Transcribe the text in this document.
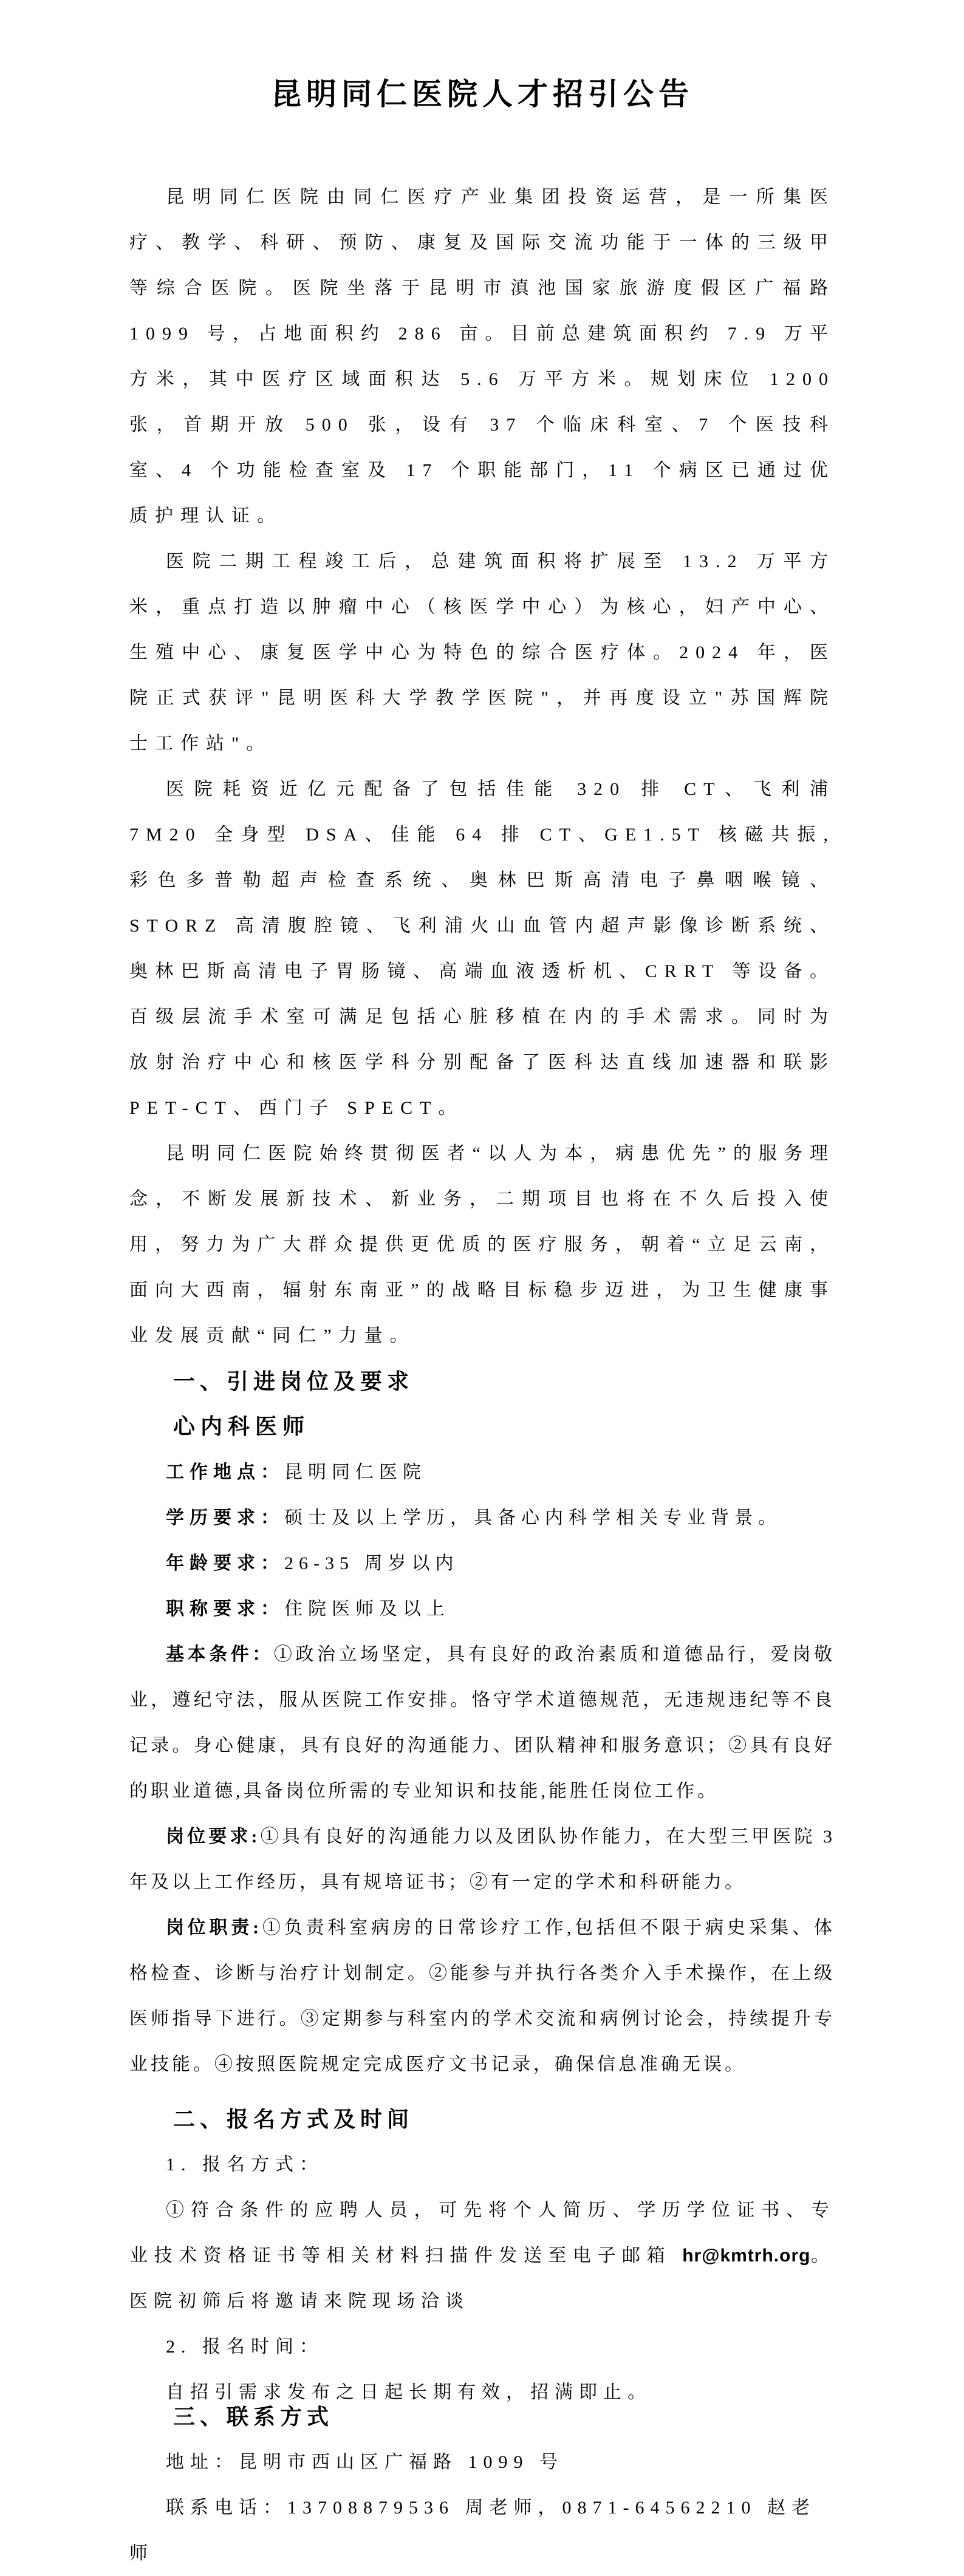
昆明同仁医院人才招引公告

昆明同仁医院由同仁医疗产业集团投资运营，是一所集医疗、教学、科研、预防、康复及国际交流功能于一体的三级甲等综合医院。医院坐落于昆明市滇池国家旅游度假区广福路 1099 号，占地面积约 286 亩。目前总建筑面积约 7.9 万平方米，其中医疗区域面积达 5.6 万平方米。规划床位 1200 张，首期开放 500 张，设有 37 个临床科室、7 个医技科室、4 个功能检查室及 17 个职能部门，11 个病区已通过优质护理认证。

医院二期工程竣工后，总建筑面积将扩展至 13.2 万平方米，重点打造以肿瘤中心（核医学中心）为核心，妇产中心、生殖中心、康复医学中心为特色的综合医疗体。2024 年，医院正式获评"昆明医科大学教学医院"，并再度设立"苏国辉院士工作站"。

医院耗资近亿元配备了包括佳能 320 排 CT、飞利浦 7M20 全身型 DSA、佳能 64 排 CT、GE1.5T 核磁共振,彩色多普勒超声检查系统、奥林巴斯高清电子鼻咽喉镜、STORZ 高清腹腔镜、飞利浦火山血管内超声影像诊断系统、奥林巴斯高清电子胃肠镜、高端血液透析机、CRRT 等设备。百级层流手术室可满足包括心脏移植在内的手术需求。同时为放射治疗中心和核医学科分别配备了医科达直线加速器和联影 PET-CT、西门子 SPECT。

昆明同仁医院始终贯彻医者“以人为本，病患优先”的服务理念，不断发展新技术、新业务，二期项目也将在不久后投入使用，努力为广大群众提供更优质的医疗服务，朝着“立足云南，面向大西南，辐射东南亚”的战略目标稳步迈进，为卫生健康事业发展贡献“同仁”力量。

一、引进岗位及要求
心内科医师

工作地点：昆明同仁医院

学历要求：硕士及以上学历，具备心内科学相关专业背景。

年龄要求：26-35 周岁以内

职称要求：住院医师及以上

基本条件：①政治立场坚定，具有良好的政治素质和道德品行，爱岗敬业，遵纪守法，服从医院工作安排。恪守学术道德规范，无违规违纪等不良记录。身心健康，具有良好的沟通能力、团队精神和服务意识；②具有良好的职业道德,具备岗位所需的专业知识和技能,能胜任岗位工作。

岗位要求:①具有良好的沟通能力以及团队协作能力，在大型三甲医院 3 年及以上工作经历，具有规培证书；②有一定的学术和科研能力。

岗位职责:①负责科室病房的日常诊疗工作,包括但不限于病史采集、体格检查、诊断与治疗计划制定。②能参与并执行各类介入手术操作，在上级医师指导下进行。③定期参与科室内的学术交流和病例讨论会，持续提升专业技能。④按照医院规定完成医疗文书记录，确保信息准确无误。

二、报名方式及时间

1. 报名方式：

①符合条件的应聘人员，可先将个人简历、学历学位证书、专业技术资格证书等相关材料扫描件发送至电子邮箱 hr@kmtrh.org。医院初筛后将邀请来院现场洽谈

2. 报名时间：

自招引需求发布之日起长期有效，招满即止。

三、联系方式

地址：昆明市西山区广福路 1099 号

联系电话：13708879536 周老师，0871-64562210 赵老师
